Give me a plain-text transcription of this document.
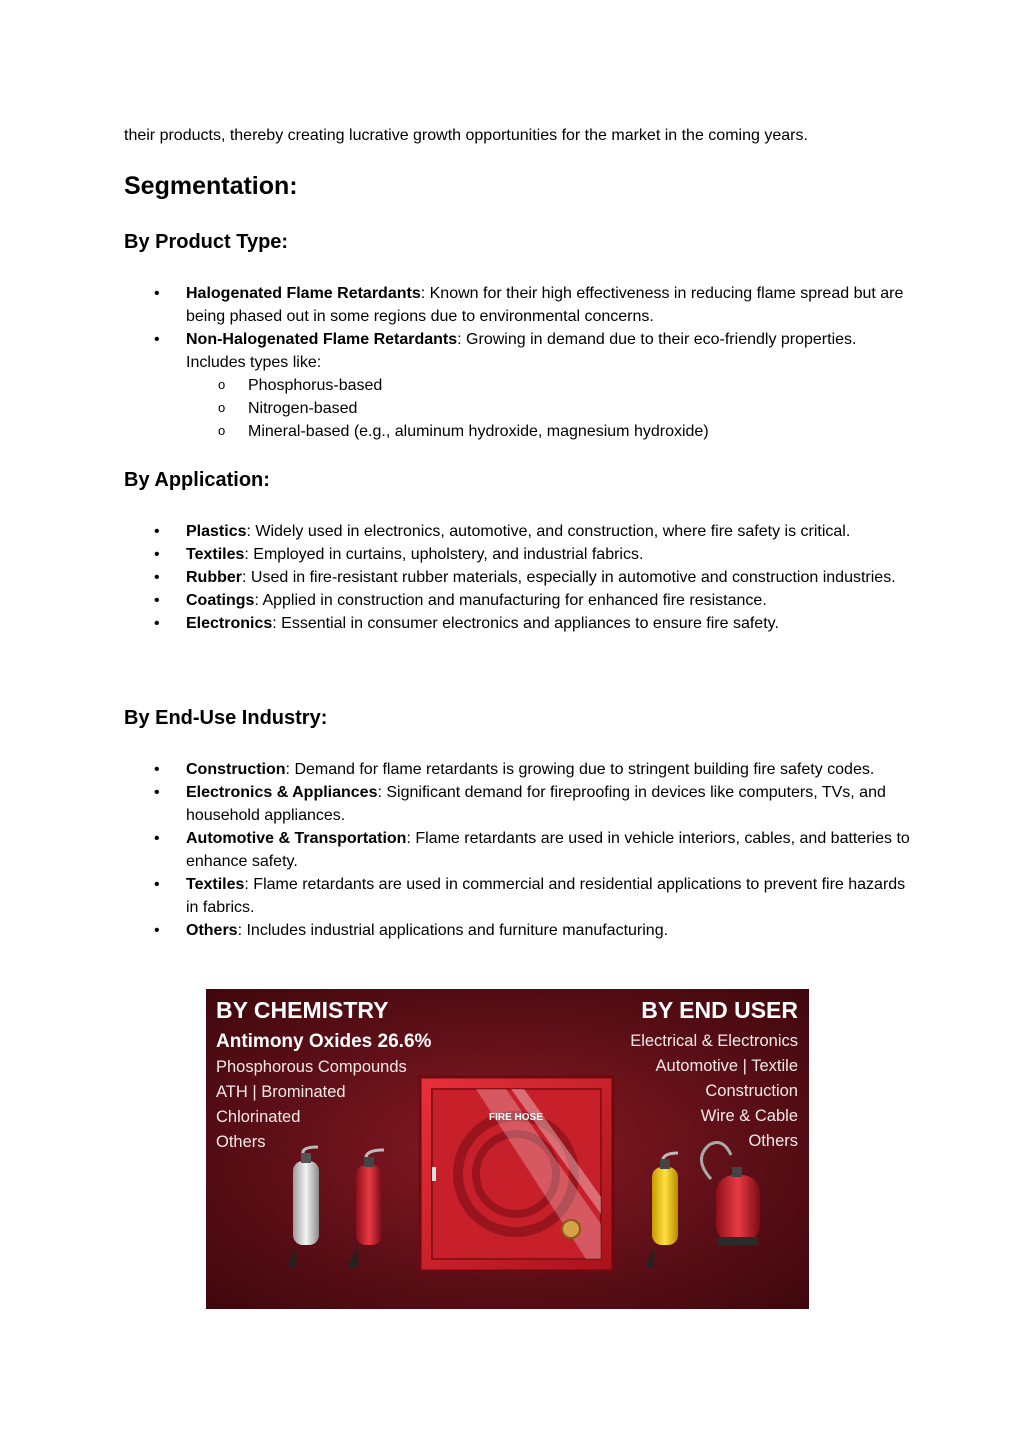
their products, thereby creating lucrative growth opportunities for the market in the coming years.
Segmentation:
By Product Type:
• Halogenated Flame Retardants: Known for their high effectiveness in reducing flame spread but are being phased out in some regions due to environmental concerns.
• Non-Halogenated Flame Retardants: Growing in demand due to their eco-friendly properties. Includes types like:
o Phosphorus-based
o Nitrogen-based
o Mineral-based (e.g., aluminum hydroxide, magnesium hydroxide)
By Application:
• Plastics: Widely used in electronics, automotive, and construction, where fire safety is critical.
• Textiles: Employed in curtains, upholstery, and industrial fabrics.
• Rubber: Used in fire-resistant rubber materials, especially in automotive and construction industries.
• Coatings: Applied in construction and manufacturing for enhanced fire resistance.
• Electronics: Essential in consumer electronics and appliances to ensure fire safety.
By End-Use Industry:
• Construction: Demand for flame retardants is growing due to stringent building fire safety codes.
• Electronics & Appliances: Significant demand for fireproofing in devices like computers, TVs, and household appliances.
• Automotive & Transportation: Flame retardants are used in vehicle interiors, cables, and batteries to enhance safety.
• Textiles: Flame retardants are used in commercial and residential applications to prevent fire hazards in fabrics.
• Others: Includes industrial applications and furniture manufacturing.
FIRE HOSE
BY CHEMISTRY
Antimony Oxides 26.6%
Phosphorous Compounds
ATH | Brominated
Chlorinated
Others
BY END USER
Electrical & Electronics
Automotive | Textile
Construction
Wire & Cable
Others
